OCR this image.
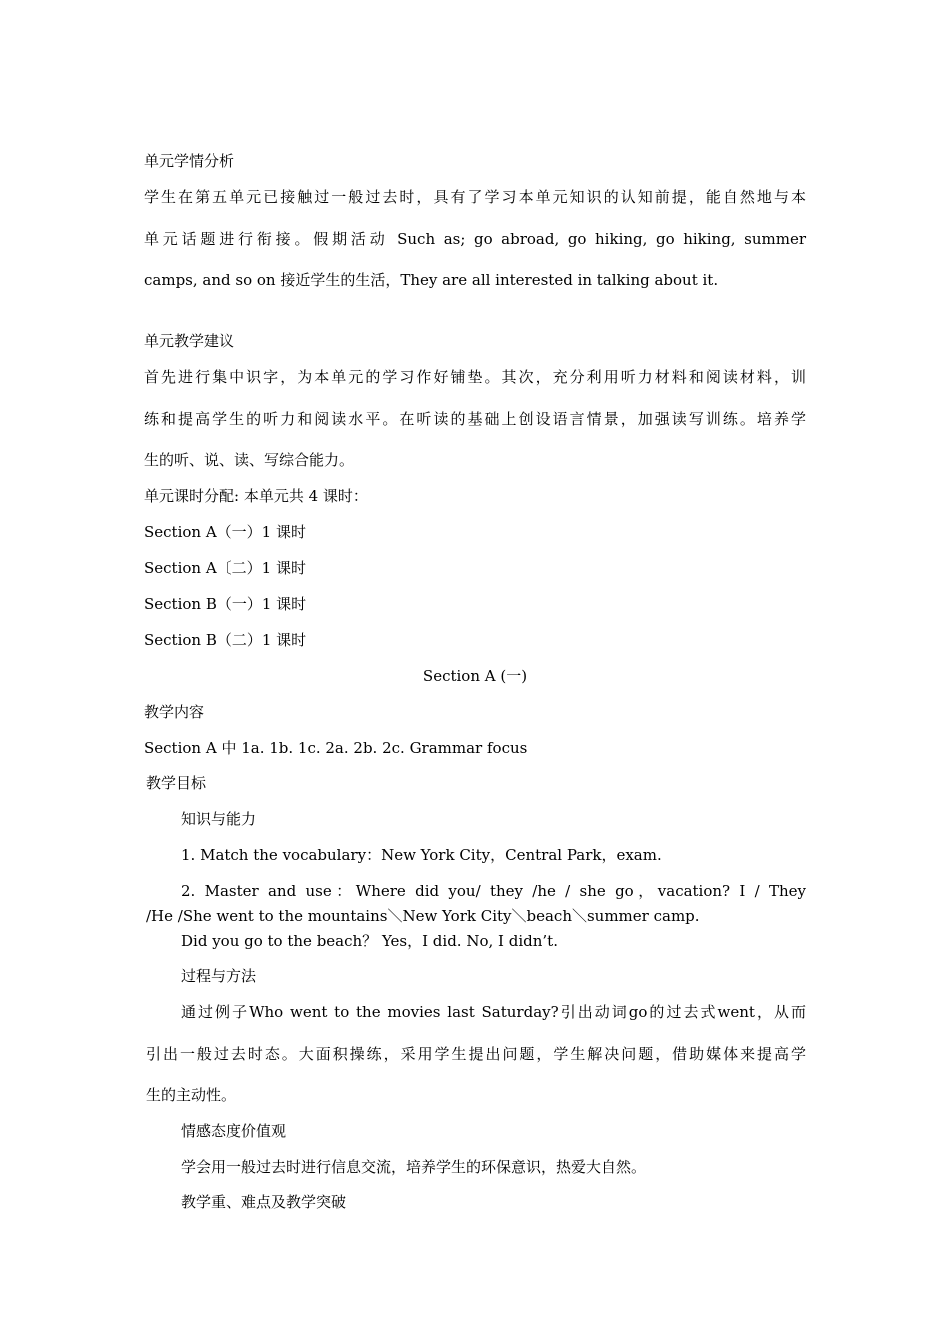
单元学情分析
学生在第五单元已接触过一般过去时，具有了学习本单元知识的认知前提，能自然地与本
单元话题进行衔接。假期活动 Such as; go abroad, go hiking, go hiking, summer
camps, and so on 接近学生的生活，They are all interested in talking about it.
单元教学建议
首先进行集中识字，为本单元的学习作好铺垫。其次，充分利用听力材料和阅读材料，训
练和提高学生的听力和阅读水平。在听读的基础上创设语言情景，加强读写训练。培养学
生的听、说、读、写综合能力。
单元课时分配: 本单元共 4 课时：
Section A（一）1 课时
Section A〔二）1 课时
Section B（一）1 课时
Section B（二）1 课时
Section A (一)
教学内容
Section A 中 1a. 1b. 1c. 2a. 2b. 2c. Grammar focus
教学目标
知识与能力
1. Match the vocabulary：New York City，Central Park，exam.
2. Master and use：Where did you/ they /he / she go，vacation? I / They
/He /She went to the mountains＼New York City＼beach＼summer camp.
Did you go to the beach？ Yes，I did. No, I didn’t.
过程与方法
通过例子Who went to the movies last Saturday?引出动词go的过去式went，从而
引出一般过去时态。大面积操练，采用学生提出问题，学生解决问题，借助媒体来提高学
生的主动性。
情感态度价值观
学会用一般过去时进行信息交流，培养学生的环保意识，热爱大自然。
教学重、难点及教学突破
